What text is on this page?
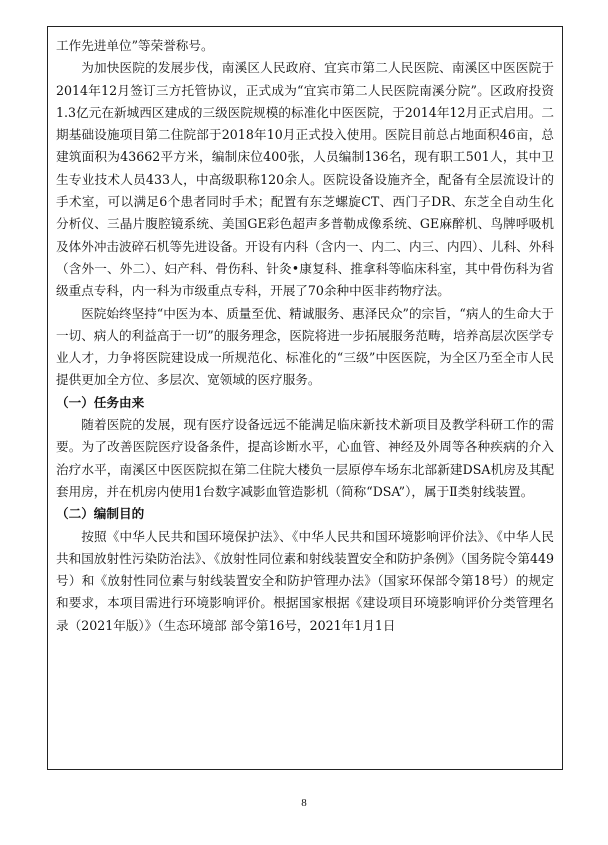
工作先进单位”等荣誉称号。

为加快医院的发展步伐，南溪区人民政府、宜宾市第二人民医院、南溪区中医医院于2014年12月签订三方托管协议，正式成为“宜宾市第二人民医院南溪分院”。区政府投资1.3亿元在新城西区建成的三级医院规模的标准化中医医院，于2014年12月正式启用。二期基础设施项目第二住院部于2018年10月正式投入使用。医院目前总占地面积46亩，总建筑面积为43662平方米，编制床位400张，人员编制136名，现有职工501人，其中卫生专业技术人员433人，中高级职称120余人。医院设备设施齐全，配备有全层流设计的手术室，可以满足6个患者同时手术；配置有东芝螺旋CT、西门子DR、东芝全自动生化分析仪、三晶片腹腔镜系统、美国GE彩色超声多普勒成像系统、GE麻醉机、鸟牌呼吸机及体外冲击波碎石机等先进设备。开设有内科（含内一、内二、内三、内四）、儿科、外科（含外一、外二）、妇产科、骨伤科、针灸•康复科、推拿科等临床科室，其中骨伤科为省级重点专科，内一科为市级重点专科，开展了70余种中医非药物疗法。

医院始终坚持“中医为本、质量至优、精诚服务、惠泽民众”的宗旨，“病人的生命大于一切、病人的利益高于一切”的服务理念，医院将进一步拓展服务范畴，培养高层次医学专业人才，力争将医院建设成一所规范化、标准化的“三级”中医医院，为全区乃至全市人民提供更加全方位、多层次、宽领域的医疗服务。

（一）任务由来

随着医院的发展，现有医疗设备远远不能满足临床新技术新项目及教学科研工作的需要。为了改善医院医疗设备条件，提高诊断水平，心血管、神经及外周等各种疾病的介入治疗水平，南溪区中医医院拟在第二住院大楼负一层原停车场东北部新建DSA机房及其配套用房，并在机房内使用1台数字减影血管造影机（简称“DSA”），属于Ⅱ类射线装置。

（二）编制目的

按照《中华人民共和国环境保护法》、《中华人民共和国环境影响评价法》、《中华人民共和国放射性污染防治法》、《放射性同位素和射线装置安全和防护条例》（国务院令第449号）和《放射性同位素与射线装置安全和防护管理办法》（国家环保部令第18号）的规定和要求，本项目需进行环境影响评价。根据国家根据《建设项目环境影响评价分类管理名录（2021年版）》（生态环境部 部令第16号，2021年1月1日

8
